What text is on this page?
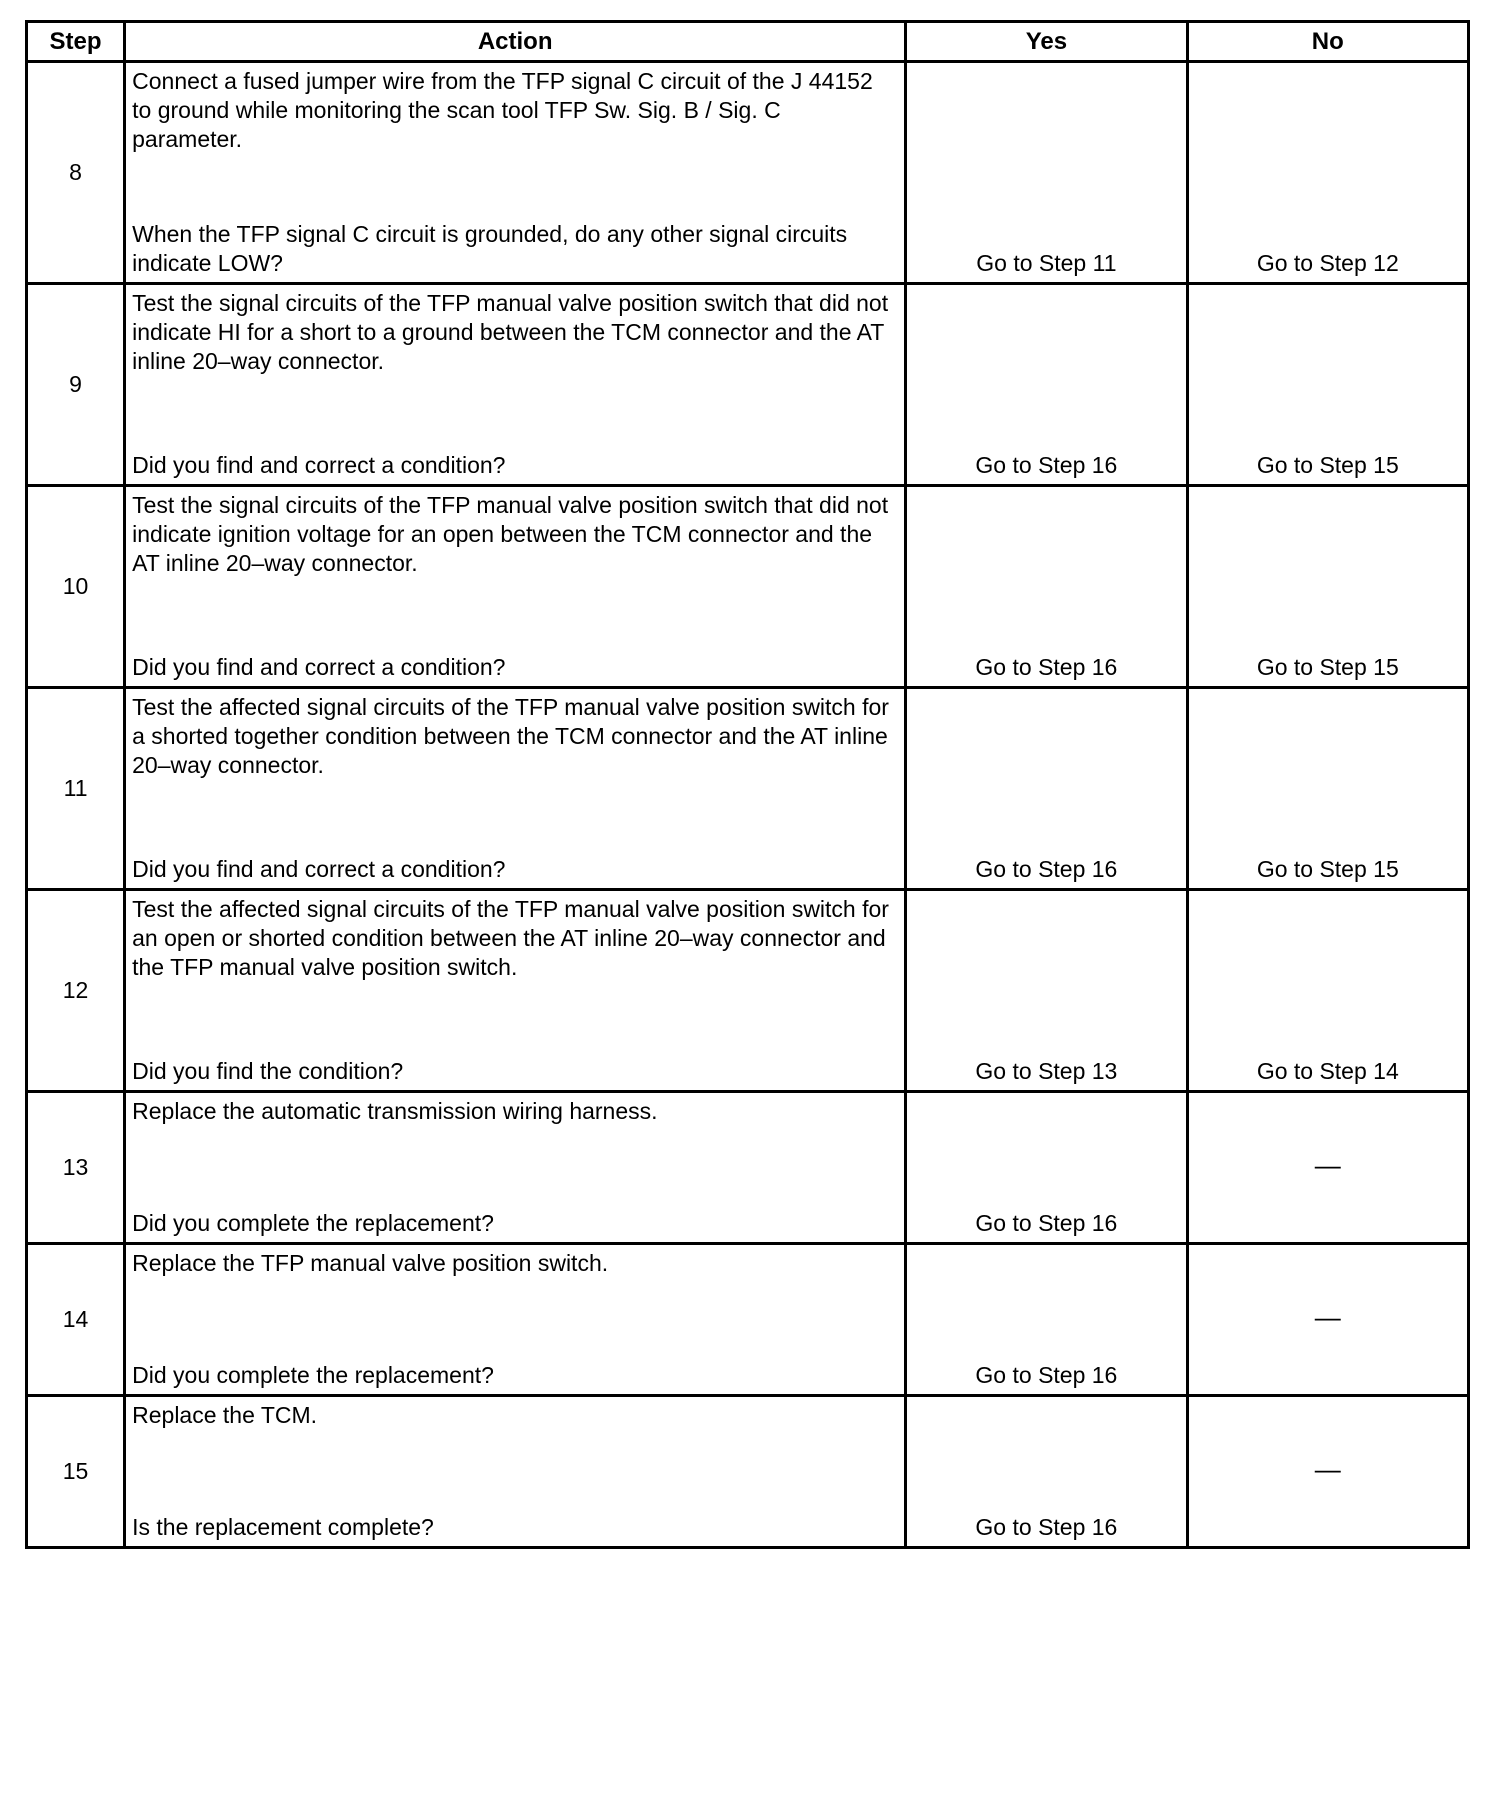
Step	Action	Yes	No
8	Connect a fused jumper wire from the TFP signal C circuit of the J 44152 to ground while monitoring the scan tool TFP Sw. Sig. B / Sig. C parameter.

When the TFP signal C circuit is grounded, do any other signal circuits indicate LOW?	Go to Step 11	Go to Step 12
9	Test the signal circuits of the TFP manual valve position switch that did not indicate HI for a short to a ground between the TCM connector and the AT inline 20–way connector.

Did you find and correct a condition?	Go to Step 16	Go to Step 15
10	Test the signal circuits of the TFP manual valve position switch that did not indicate ignition voltage for an open between the TCM connector and the AT inline 20–way connector.

Did you find and correct a condition?	Go to Step 16	Go to Step 15
11	Test the affected signal circuits of the TFP manual valve position switch for a shorted together condition between the TCM connector and the AT inline 20–way connector.

Did you find and correct a condition?	Go to Step 16	Go to Step 15
12	Test the affected signal circuits of the TFP manual valve position switch for an open or shorted condition between the AT inline 20–way connector and the TFP manual valve position switch.

Did you find the condition?	Go to Step 13	Go to Step 14
13	Replace the automatic transmission wiring harness.

Did you complete the replacement?	Go to Step 16	—
14	Replace the TFP manual valve position switch.

Did you complete the replacement?	Go to Step 16	—
15	Replace the TCM.

Is the replacement complete?	Go to Step 16	—
